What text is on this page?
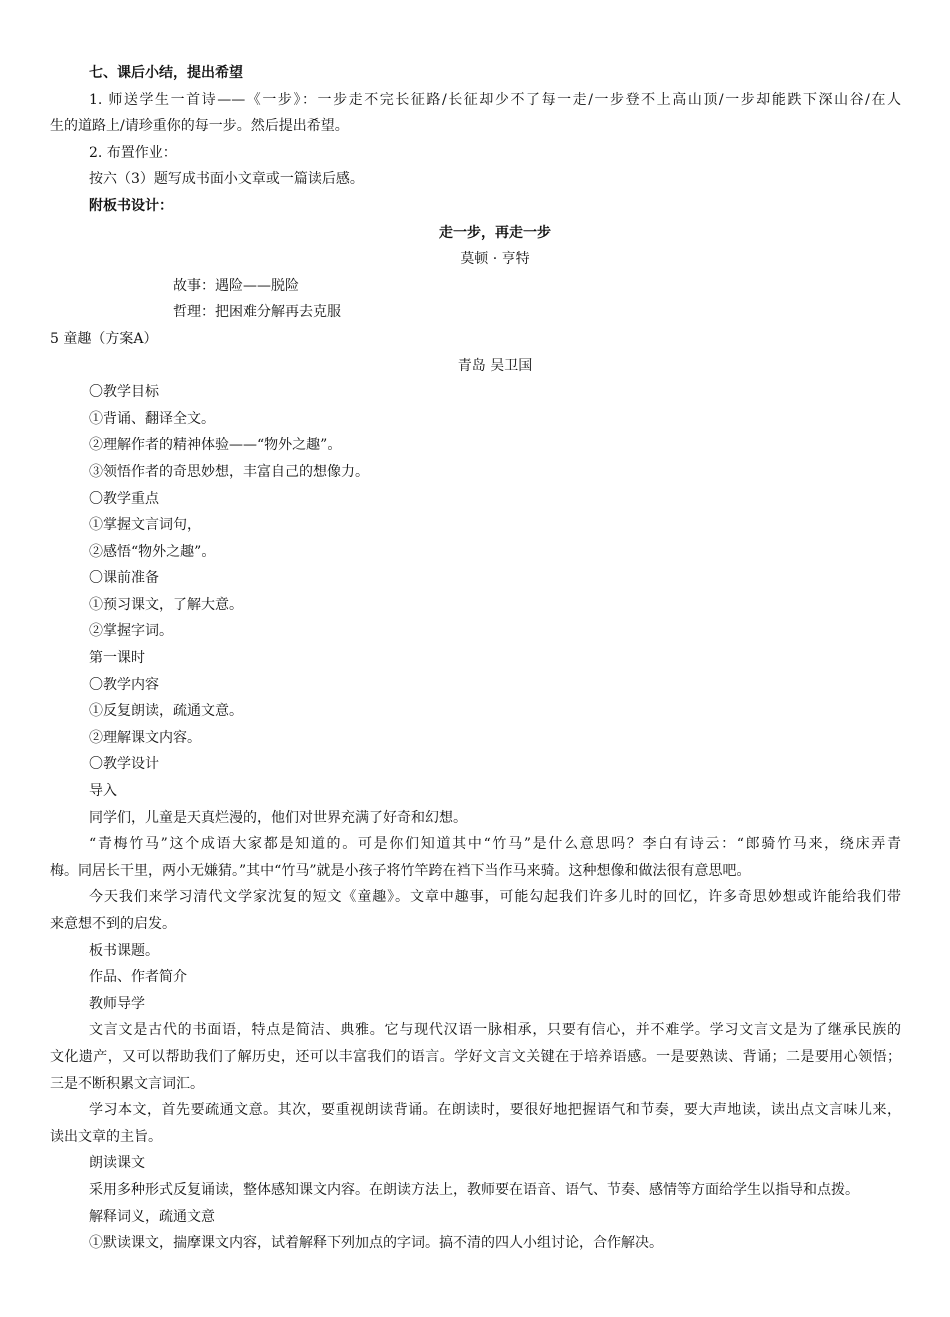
七、课后小结，提出希望
1. 师送学生一首诗——《一步》：一步走不完长征路/长征却少不了每一走/一步登不上高山顶/一步却能跌下深山谷/在人
生的道路上/请珍重你的每一步。然后提出希望。
2. 布置作业：
按六（3）题写成书面小文章或一篇读后感。
附板书设计：
走一步，再走一步
莫顿 · 亨特
故事：遇险——脱险
哲理：把困难分解再去克服
5 童趣（方案A）
青岛 吴卫国
〇教学目标
①背诵、翻译全文。
②理解作者的精神体验——“物外之趣”。
③领悟作者的奇思妙想，丰富自己的想像力。
〇教学重点
①掌握文言词句，
②感悟“物外之趣”。
〇课前准备
①预习课文，了解大意。
②掌握字词。
第一课时
〇教学内容
①反复朗读，疏通文意。
②理解课文内容。
〇教学设计
导入
同学们，儿童是天真烂漫的，他们对世界充满了好奇和幻想。
“青梅竹马”这个成语大家都是知道的。可是你们知道其中“竹马”是什么意思吗？李白有诗云：“郎骑竹马来，绕床弄青
梅。同居长干里，两小无嫌猜。”其中“竹马”就是小孩子将竹竿跨在裆下当作马来骑。这种想像和做法很有意思吧。
今天我们来学习清代文学家沈复的短文《童趣》。文章中趣事，可能勾起我们许多儿时的回忆，许多奇思妙想或许能给我们带
来意想不到的启发。
板书课题。
作品、作者简介
教师导学
文言文是古代的书面语，特点是简洁、典雅。它与现代汉语一脉相承，只要有信心，并不难学。学习文言文是为了继承民族的
文化遗产，又可以帮助我们了解历史，还可以丰富我们的语言。学好文言文关键在于培养语感。一是要熟读、背诵；二是要用心领悟；
三是不断积累文言词汇。
学习本文，首先要疏通文意。其次，要重视朗读背诵。在朗读时，要很好地把握语气和节奏，要大声地读，读出点文言味儿来，
读出文章的主旨。
朗读课文
采用多种形式反复诵读，整体感知课文内容。在朗读方法上，教师要在语音、语气、节奏、感情等方面给学生以指导和点拨。
解释词义，疏通文意
①默读课文，揣摩课文内容，试着解释下列加点的字词。搞不清的四人小组讨论，合作解决。
